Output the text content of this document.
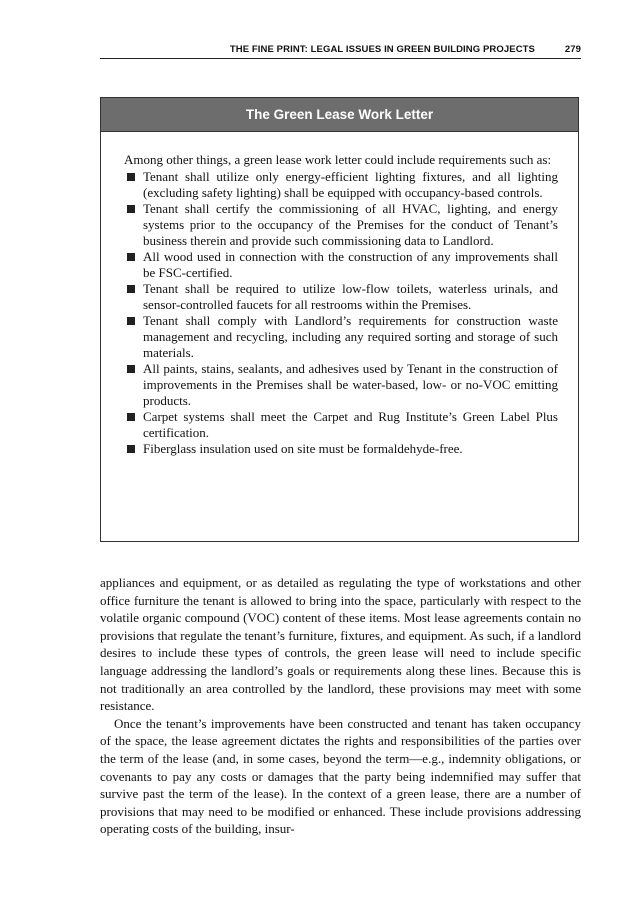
THE FINE PRINT: LEGAL ISSUES IN GREEN BUILDING PROJECTS	279
The Green Lease Work Letter

Among other things, a green lease work letter could include requirements such as:

Tenant shall utilize only energy-efficient lighting fixtures, and all lighting (excluding safety lighting) shall be equipped with occupancy-based controls.
Tenant shall certify the commissioning of all HVAC, lighting, and energy systems prior to the occupancy of the Premises for the conduct of Tenant’s business therein and provide such commissioning data to Landlord.
All wood used in connection with the construction of any improvements shall be FSC-certified.
Tenant shall be required to utilize low-flow toilets, waterless urinals, and sensor-controlled faucets for all restrooms within the Premises.
Tenant shall comply with Landlord’s requirements for construction waste management and recycling, including any required sorting and storage of such materials.
All paints, stains, sealants, and adhesives used by Tenant in the construction of improvements in the Premises shall be water-based, low- or no-VOC emitting products.
Carpet systems shall meet the Carpet and Rug Institute’s Green Label Plus certification.
Fiberglass insulation used on site must be formaldehyde-free.

appliances and equipment, or as detailed as regulating the type of workstations and other office furniture the tenant is allowed to bring into the space, particularly with respect to the volatile organic compound (VOC) content of these items. Most lease agreements contain no provisions that regulate the tenant’s furniture, fixtures, and equipment. As such, if a landlord desires to include these types of controls, the green lease will need to include specific language addressing the landlord’s goals or requirements along these lines. Because this is not traditionally an area controlled by the landlord, these provisions may meet with some resistance.

Once the tenant’s improvements have been constructed and tenant has taken occupancy of the space, the lease agreement dictates the rights and responsibilities of the parties over the term of the lease (and, in some cases, beyond the term—e.g., indemnity obligations, or covenants to pay any costs or damages that the party being indemnified may suffer that survive past the term of the lease). In the context of a green lease, there are a number of provisions that may need to be modified or enhanced. These include provisions addressing operating costs of the building, insur-
